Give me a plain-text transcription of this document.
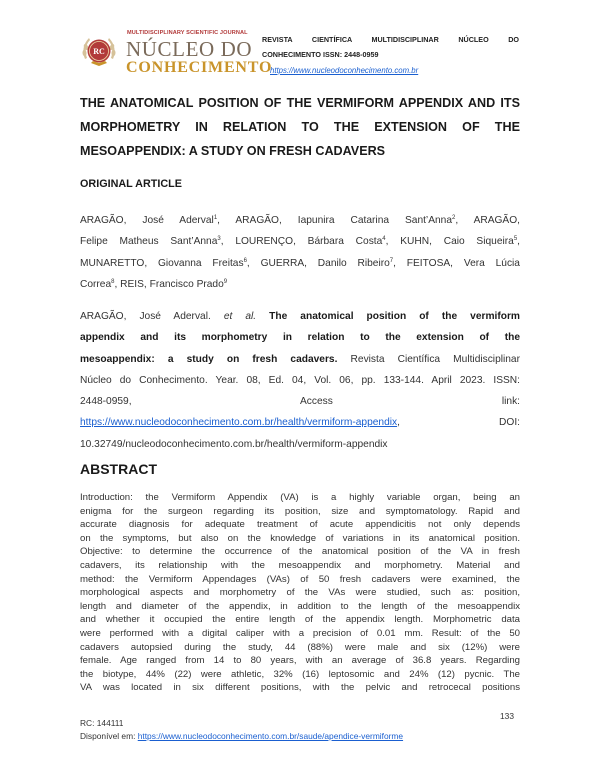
RC
MULTIDISCIPLINARY SCIENTIFIC JOURNAL
NÚCLEO DO
CONHECIMENTO
REVISTA CIENTÍFICA MULTIDISCIPLINAR NÚCLEO DO
CONHECIMENTO ISSN: 2448-0959
https://www.nucleodoconhecimento.com.br
THE ANATOMICAL POSITION OF THE VERMIFORM APPENDIX AND ITS MORPHOMETRY IN RELATION TO THE EXTENSION OF THE MESOAPPENDIX: A STUDY ON FRESH CADAVERS
ORIGINAL ARTICLE
ARAGÃO, José Aderval$^1$, ARAGÃO, Iapunira Catarina Sant’Anna$^2$, ARAGÃO,
Felipe Matheus Sant’Anna$^3$, LOURENÇO, Bárbara Costa$^4$, KUHN, Caio Siqueira$^5$,
MUNARETTO, Giovanna Freitas$^6$, GUERRA, Danilo Ribeiro$^7$, FEITOSA, Vera Lúcia
Correa$^8$, REIS, Francisco Prado$^9$
ARAGÃO, José Aderval. et al. The anatomical position of the vermiform
appendix and its morphometry in relation to the extension of the
mesoappendix: a study on fresh cadavers. Revista Científica Multidisciplinar
Núcleo do Conhecimento. Year. 08, Ed. 04, Vol. 06, pp. 133-144. April 2023. ISSN:
2448-0959,	Access	link:
https://www.nucleodoconhecimento.com.br/health/vermiform-appendix,	DOI:
10.32749/nucleodoconhecimento.com.br/health/vermiform-appendix
ABSTRACT
Introduction: the Vermiform Appendix (VA) is a highly variable organ, being an
enigma for the surgeon regarding its position, size and symptomatology. Rapid and
accurate diagnosis for adequate treatment of acute appendicitis not only depends
on the symptoms, but also on the knowledge of variations in its anatomical position.
Objective: to determine the occurrence of the anatomical position of the VA in fresh
cadavers, its relationship with the mesoappendix and morphometry. Material and
method: the Vermiform Appendages (VAs) of 50 fresh cadavers were examined, the
morphological aspects and morphometry of the VAs were studied, such as: position,
length and diameter of the appendix, in addition to the length of the mesoappendix
and whether it occupied the entire length of the appendix length. Morphometric data
were performed with a digital caliper with a precision of 0.01 mm. Result: of the 50
cadavers autopsied during the study, 44 (88%) were male and six (12%) were
female. Age ranged from 14 to 80 years, with an average of 36.8 years. Regarding
the biotype, 44% (22) were athletic, 32% (16) leptosomic and 24% (12) pycnic. The
VA was located in six different positions, with the pelvic and retrocecal positions
133
RC: 144111
Disponível em: https://www.nucleodoconhecimento.com.br/saude/apendice-vermiforme
